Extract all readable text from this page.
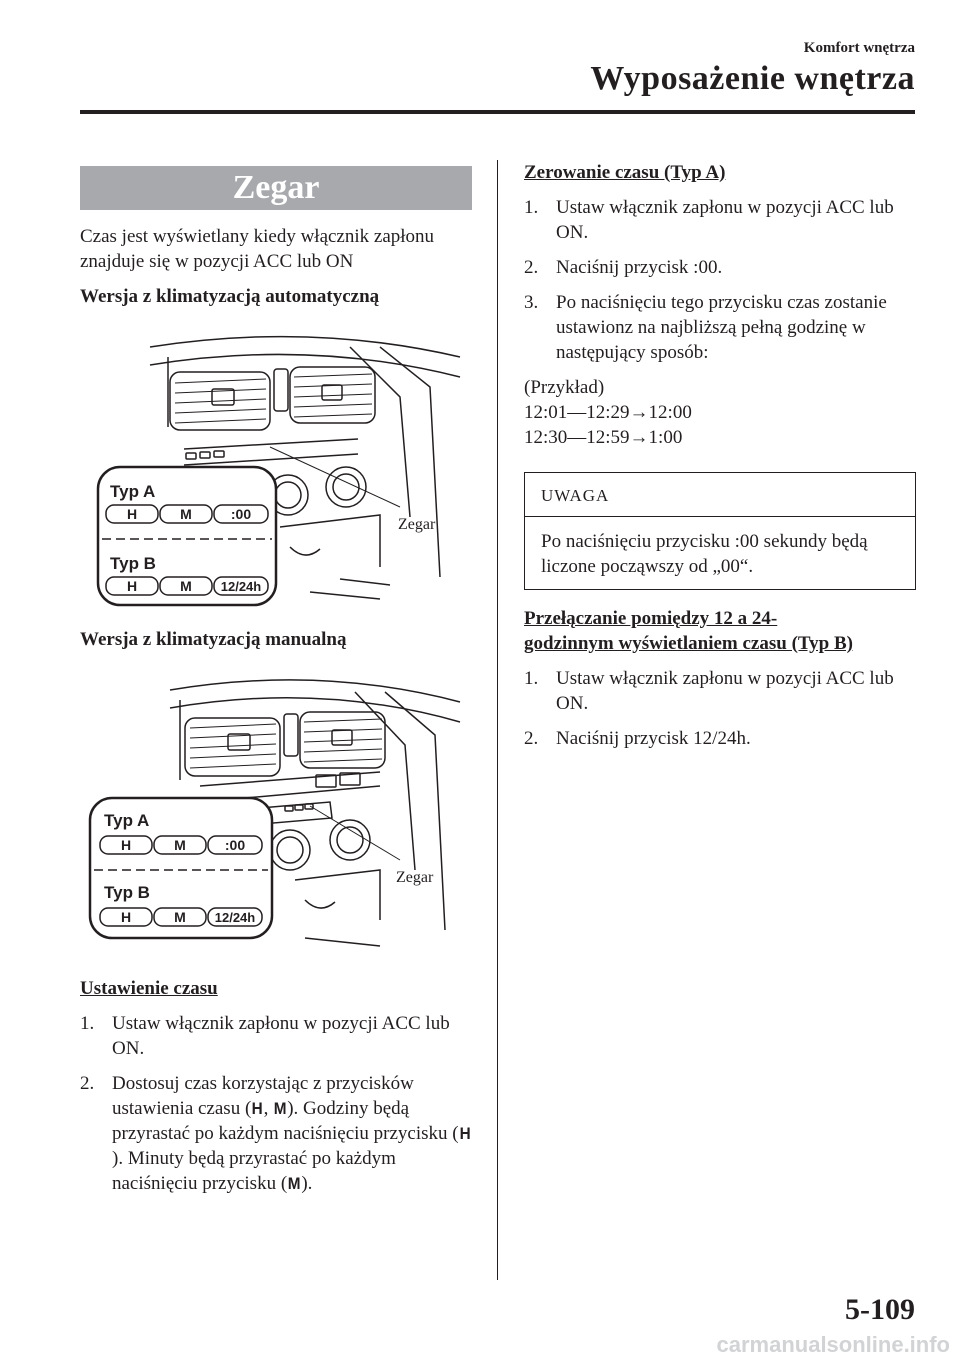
Komfort wnętrza
Wyposażenie wnętrza
Zegar

Czas jest wyświetlany kiedy włącznik zapłonu znajduje się w pozycji ACC lub ON

Wersja z klimatyzacją automatyczną
Typ A
Typ B
H	M	:00
H	M 12/24h
Zegar
Wersja z klimatyzacją manualną
Typ A
Typ B
H	M	:00
H	M 12/24h
Zegar
Ustawienie czasu
1. Ustaw włącznik zapłonu w pozycji ACC lub ON.
2. Dostosuj czas korzystając z przycisków ustawienia czasu (H, M). Godziny będą przyrastać po każdym naciśnięciu przycisku (H). Minuty będą przyrastać po każdym naciśnięciu przycisku (M).
Zerowanie czasu (Typ A)
1. Ustaw włącznik zapłonu w pozycji ACC lub ON.
2. Naciśnij przycisk :00.
3. Po naciśnięciu tego przycisku czas zostanie ustawionz na najbliższą pełną godzinę w następujący sposób:
(Przykład)
12:01—12:29→12:00
12:30—12:59→1:00
UWAGA
Po naciśnięciu przycisku :00 sekundy będą liczone począwszy od „00“.
Przełączanie pomiędzy 12 a 24-godzinnym wyświetlaniem czasu (Typ B)
1. Ustaw włącznik zapłonu w pozycji ACC lub ON.
2. Naciśnij przycisk 12/24h.
5-109
carmanualsonline.info
